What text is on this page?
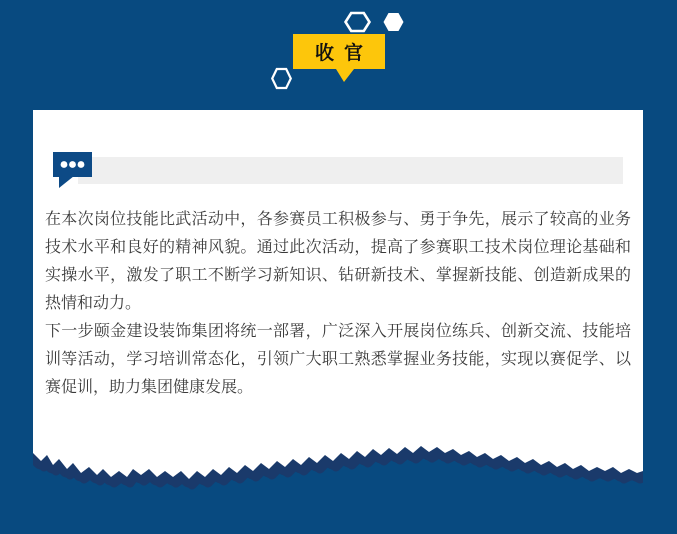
收官

在本次岗位技能比武活动中，各参赛员工积极参与、勇于争先，展示了较高的业务技术水平和良好的精神风貌。通过此次活动，提高了参赛职工技术岗位理论基础和实操水平，激发了职工不断学习新知识、钻研新技术、掌握新技能、创造新成果的热情和动力。

下一步颐金建设装饰集团将统一部署，广泛深入开展岗位练兵、创新交流、技能培训等活动，学习培训常态化，引领广大职工熟悉掌握业务技能，实现以赛促学、以赛促训，助力集团健康发展。
